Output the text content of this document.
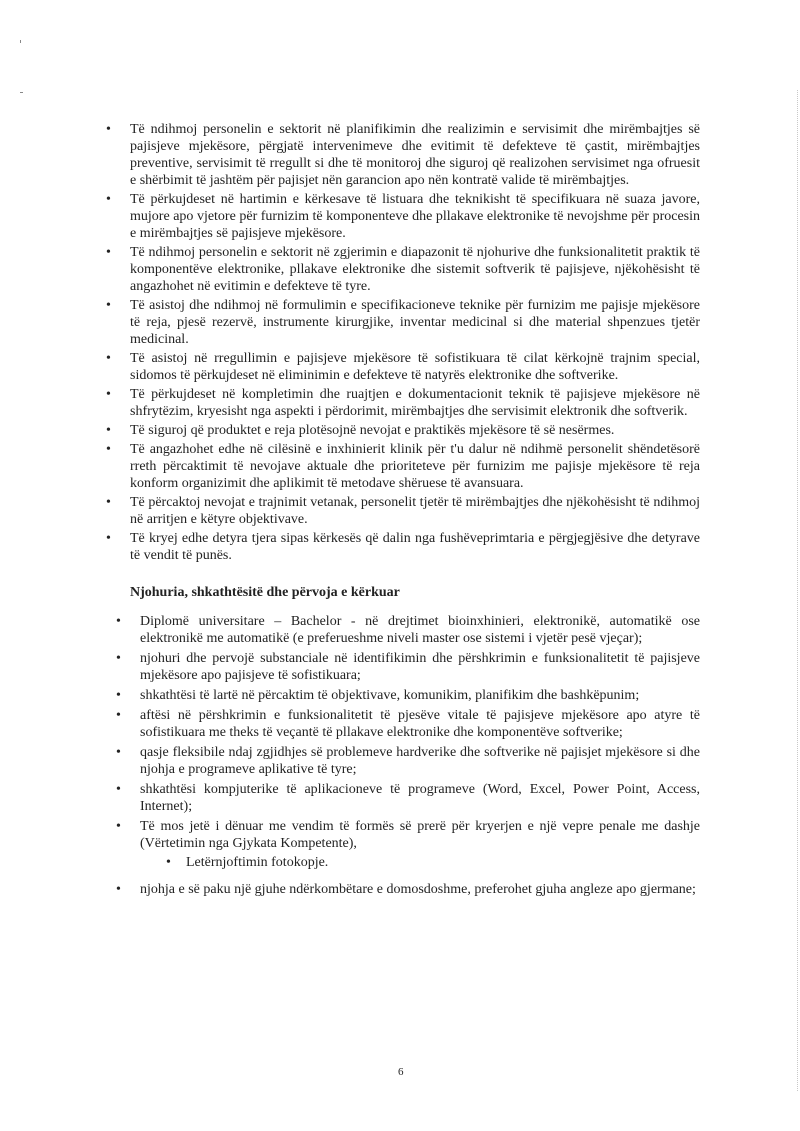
• Të ndihmoj personelin e sektorit në planifikimin dhe realizimin e servisimit dhe mirëmbajtjes së pajisjeve mjekësore, përgjatë intervenimeve dhe evitimit të defekteve të çastit, mirëmbajtjes preventive, servisimit të rregullt si dhe të monitoroj dhe siguroj që realizohen servisimet nga ofruesit e shërbimit të jashtëm për pajisjet nën garancion apo nën kontratë valide të mirëmbajtjes.
• Të përkujdeset në hartimin e kërkesave të listuara dhe teknikisht të specifikuara në suaza javore, mujore apo vjetore për furnizim të komponenteve dhe pllakave elektronike të nevojshme për procesin e mirëmbajtjes së pajisjeve mjekësore.
• Të ndihmoj personelin e sektorit në zgjerimin e diapazonit të njohurive dhe funksionalitetit praktik të komponentëve elektronike, pllakave elektronike dhe sistemit softverik të pajisjeve, njëkohësisht të angazhohet në evitimin e defekteve të tyre.
• Të asistoj dhe ndihmoj në formulimin e specifikacioneve teknike për furnizim me pajisje mjekësore të reja, pjesë rezervë, instrumente kirurgjike, inventar medicinal si dhe material shpenzues tjetër medicinal.
• Të asistoj në rregullimin e pajisjeve mjekësore të sofistikuara të cilat kërkojnë trajnim special, sidomos të përkujdeset në eliminimin e defekteve të natyrës elektronike dhe softverike.
• Të përkujdeset në kompletimin dhe ruajtjen e dokumentacionit teknik të pajisjeve mjekësore në shfrytëzim, kryesisht nga aspekti i përdorimit, mirëmbajtjes dhe servisimit elektronik dhe softverik.
• Të siguroj që produktet e reja plotësojnë nevojat e praktikës mjekësore të së nesërmes.
• Të angazhohet edhe në cilësinë e inxhinierit klinik për t'u dalur në ndihmë personelit shëndetësorë rreth përcaktimit të nevojave aktuale dhe prioriteteve për furnizim me pajisje mjekësore të reja konform organizimit dhe aplikimit të metodave shëruese të avansuara.
• Të përcaktoj nevojat e trajnimit vetanak, personelit tjetër të mirëmbajtjes dhe njëkohësisht të ndihmoj në arritjen e këtyre objektivave.
• Të kryej edhe detyra tjera sipas kërkesës që dalin nga fushëveprimtaria e përgjegjësive dhe detyrave të vendit të punës.
Njohuria, shkathtësitë dhe përvoja e kërkuar
• Diplomë universitare – Bachelor - në drejtimet bioinxhinieri, elektronikë, automatikë ose elektronikë me automatikë (e preferueshme niveli master ose sistemi i vjetër pesë vjeçar);
• njohuri dhe pervojë substanciale në identifikimin dhe përshkrimin e funksionalitetit të pajisjeve mjekësore apo pajisjeve të sofistikuara;
• shkathtësi të lartë në përcaktim të objektivave, komunikim, planifikim dhe bashkëpunim;
• aftësi në përshkrimin e funksionalitetit të pjesëve vitale të pajisjeve mjekësore apo atyre të sofistikuara me theks të veçantë të pllakave elektronike dhe komponentëve softverike;
• qasje fleksibile ndaj zgjidhjes së problemeve hardverike dhe softverike në pajisjet mjekësore si dhe njohja e programeve aplikative të tyre;
• shkathtësi kompjuterike të aplikacioneve të programeve (Word, Excel, Power Point, Access, Internet);
• Të mos jetë i dënuar me vendim të formës së prerë për kryerjen e një vepre penale me dashje (Vërtetimin nga Gjykata Kompetente),
• Letërnjoftimin fotokopje.
• njohja e së paku një gjuhe ndërkombëtare e domosdoshme, preferohet gjuha angleze apo gjermane;
6
